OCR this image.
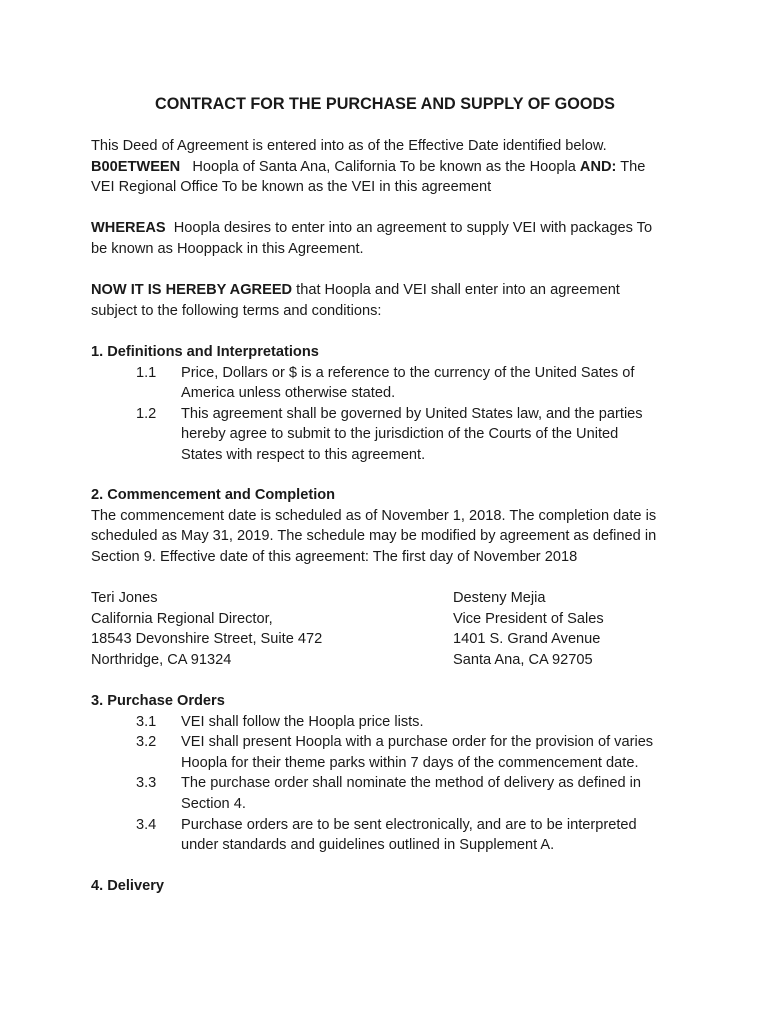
CONTRACT FOR THE PURCHASE AND SUPPLY OF GOODS
This Deed of Agreement is entered into as of the Effective Date identified below.
B00ETWEEN Hoopla of Santa Ana, California To be known as the Hoopla AND: The
VEI Regional Office To be known as the VEI in this agreement
WHEREAS Hoopla desires to enter into an agreement to supply VEI with packages To
be known as Hooppack in this Agreement.
NOW IT IS HEREBY AGREED that Hoopla and VEI shall enter into an agreement
subject to the following terms and conditions:
1. Definitions and Interpretations
1.1 Price, Dollars or $ is a reference to the currency of the United Sates of
America unless otherwise stated.
1.2 This agreement shall be governed by United States law, and the parties
hereby agree to submit to the jurisdiction of the Courts of the United
States with respect to this agreement.
2. Commencement and Completion
The commencement date is scheduled as of November 1, 2018. The completion date is
scheduled as May 31, 2019. The schedule may be modified by agreement as defined in
Section 9. Effective date of this agreement: The first day of November 2018
Teri Jones
California Regional Director,
18543 Devonshire Street, Suite 472
Northridge, CA 91324
Desteny Mejia
Vice President of Sales
1401 S. Grand Avenue
Santa Ana, CA 92705
3. Purchase Orders
3.1 VEI shall follow the Hoopla price lists.
3.2 VEI shall present Hoopla with a purchase order for the provision of varies
Hoopla for their theme parks within 7 days of the commencement date.
3.3 The purchase order shall nominate the method of delivery as defined in
Section 4.
3.4 Purchase orders are to be sent electronically, and are to be interpreted
under standards and guidelines outlined in Supplement A.
4. Delivery
